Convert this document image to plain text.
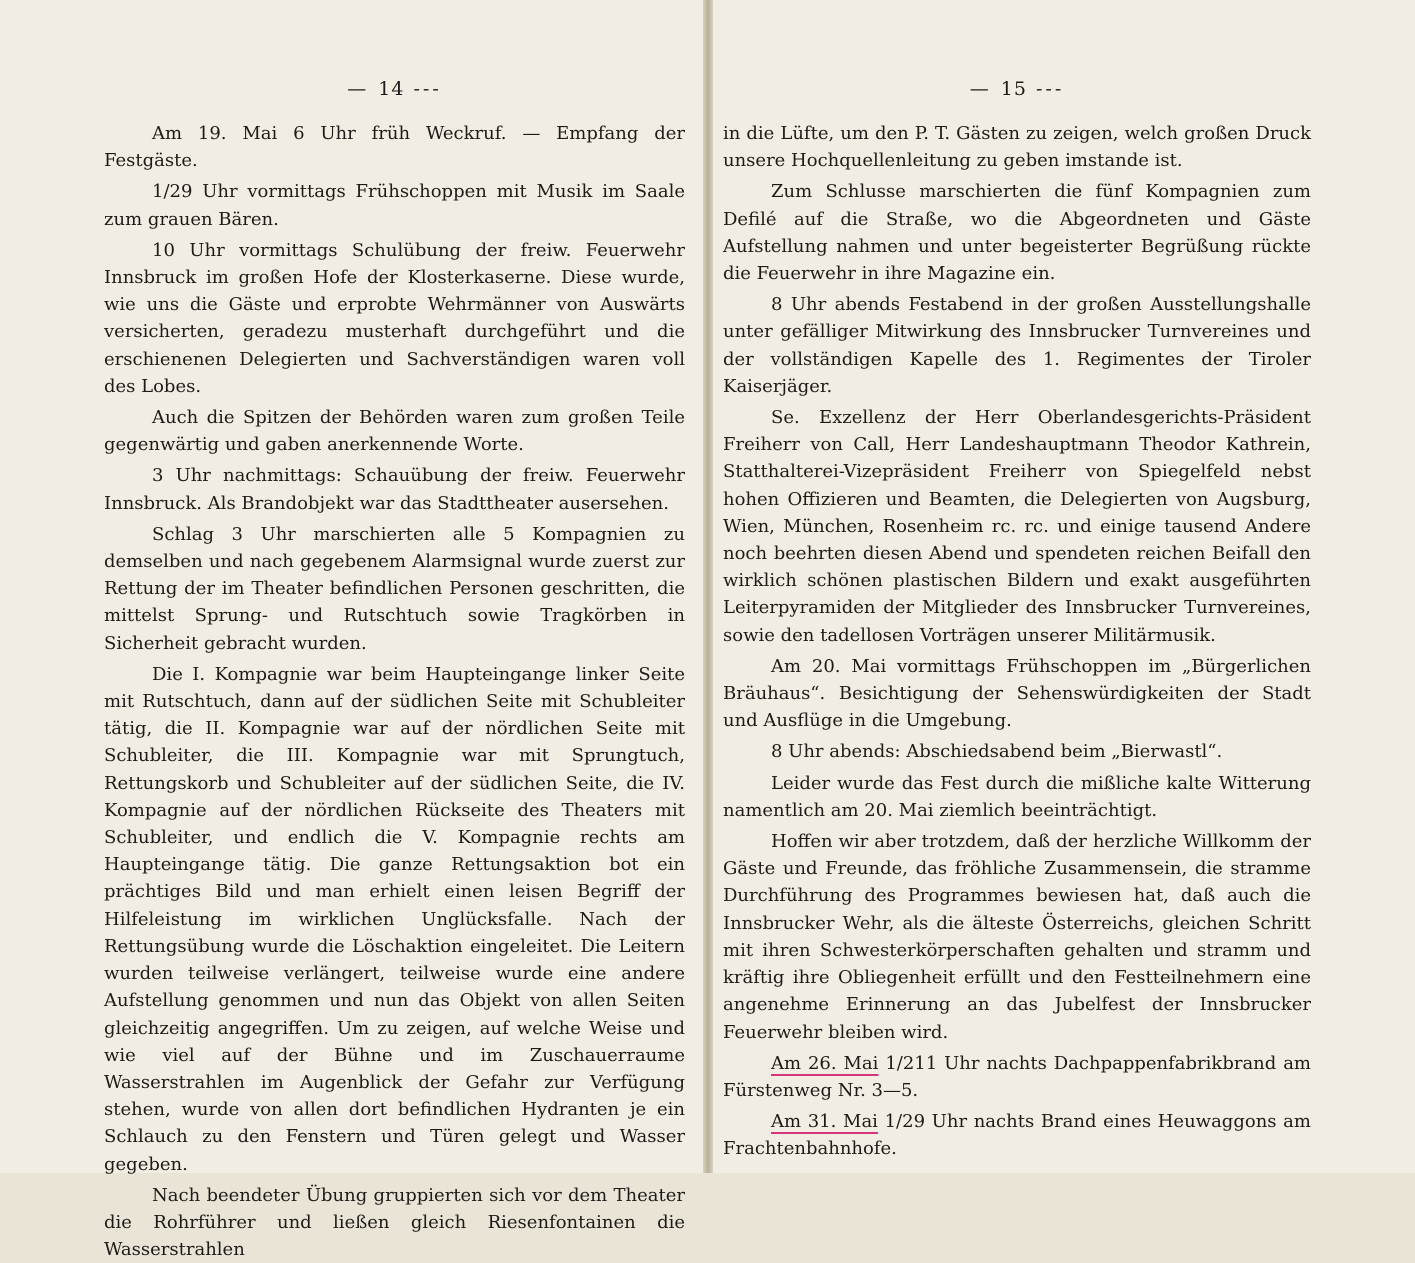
— 14 ---

Am 19. Mai 6 Uhr früh Weckruf. — Empfang der Festgäste.

1/29 Uhr vormittags Frühschoppen mit Musik im Saale zum grauen Bären.

10 Uhr vormittags Schulübung der freiw. Feuerwehr Innsbruck im großen Hofe der Klosterkaserne. Diese wurde, wie uns die Gäste und erprobte Wehrmänner von Auswärts versicherten, geradezu musterhaft durchgeführt und die erschienenen Delegierten und Sachverständigen waren voll des Lobes.

Auch die Spitzen der Behörden waren zum großen Teile gegenwärtig und gaben anerkennende Worte.

3 Uhr nachmittags: Schauübung der freiw. Feuerwehr Innsbruck. Als Brandobjekt war das Stadttheater ausersehen.

Schlag 3 Uhr marschierten alle 5 Kompagnien zu demselben und nach gegebenem Alarmsignal wurde zuerst zur Rettung der im Theater befindlichen Personen geschritten, die mittelst Sprung- und Rutschtuch sowie Tragkörben in Sicherheit gebracht wurden.

Die I. Kompagnie war beim Haupteingange linker Seite mit Rutschtuch, dann auf der südlichen Seite mit Schubleiter tätig, die II. Kompagnie war auf der nördlichen Seite mit Schubleiter, die III. Kompagnie war mit Sprungtuch, Rettungskorb und Schubleiter auf der südlichen Seite, die IV. Kompagnie auf der nördlichen Rückseite des Theaters mit Schubleiter, und endlich die V. Kompagnie rechts am Haupteingange tätig. Die ganze Rettungsaktion bot ein prächtiges Bild und man erhielt einen leisen Begriff der Hilfeleistung im wirklichen Unglücksfalle. Nach der Rettungsübung wurde die Löschaktion eingeleitet. Die Leitern wurden teilweise verlängert, teilweise wurde eine andere Aufstellung genommen und nun das Objekt von allen Seiten gleichzeitig angegriffen. Um zu zeigen, auf welche Weise und wie viel auf der Bühne und im Zuschauerraume Wasserstrahlen im Augenblick der Gefahr zur Verfügung stehen, wurde von allen dort befindlichen Hydranten je ein Schlauch zu den Fenstern und Türen gelegt und Wasser gegeben.

Nach beendeter Übung gruppierten sich vor dem Theater die Rohrführer und ließen gleich Riesenfontainen die Wasserstrahlen

— 15 ---

in die Lüfte, um den P. T. Gästen zu zeigen, welch großen Druck unsere Hochquellenleitung zu geben imstande ist.

Zum Schlusse marschierten die fünf Kompagnien zum Defilé auf die Straße, wo die Abgeordneten und Gäste Aufstellung nahmen und unter begeisterter Begrüßung rückte die Feuerwehr in ihre Magazine ein.

8 Uhr abends Festabend in der großen Ausstellungshalle unter gefälliger Mitwirkung des Innsbrucker Turnvereines und der vollständigen Kapelle des 1. Regimentes der Tiroler Kaiserjäger.

Se. Exzellenz der Herr Oberlandesgerichts-Präsident Freiherr von Call, Herr Landeshauptmann Theodor Kathrein, Statthalterei-Vizepräsident Freiherr von Spiegelfeld nebst hohen Offizieren und Beamten, die Delegierten von Augsburg, Wien, München, Rosenheim rc. rc. und einige tausend Andere noch beehrten diesen Abend und spendeten reichen Beifall den wirklich schönen plastischen Bildern und exakt ausgeführten Leiterpyramiden der Mitglieder des Innsbrucker Turnvereines, sowie den tadellosen Vorträgen unserer Militärmusik.

Am 20. Mai vormittags Frühschoppen im „Bürgerlichen Bräuhaus“. Besichtigung der Sehenswürdigkeiten der Stadt und Ausflüge in die Umgebung.

8 Uhr abends: Abschiedsabend beim „Bierwastl“.

Leider wurde das Fest durch die mißliche kalte Witterung namentlich am 20. Mai ziemlich beeinträchtigt.

Hoffen wir aber trotzdem, daß der herzliche Willkomm der Gäste und Freunde, das fröhliche Zusammensein, die stramme Durchführung des Programmes bewiesen hat, daß auch die Innsbrucker Wehr, als die älteste Österreichs, gleichen Schritt mit ihren Schwesterkörperschaften gehalten und stramm und kräftig ihre Obliegenheit erfüllt und den Festteilnehmern eine angenehme Erinnerung an das Jubelfest der Innsbrucker Feuerwehr bleiben wird.

Am 26. Mai 1/211 Uhr nachts Dachpappenfabrikbrand am Fürstenweg Nr. 3—5.

Am 31. Mai 1/29 Uhr nachts Brand eines Heuwaggons am Frachtenbahnhofe.
